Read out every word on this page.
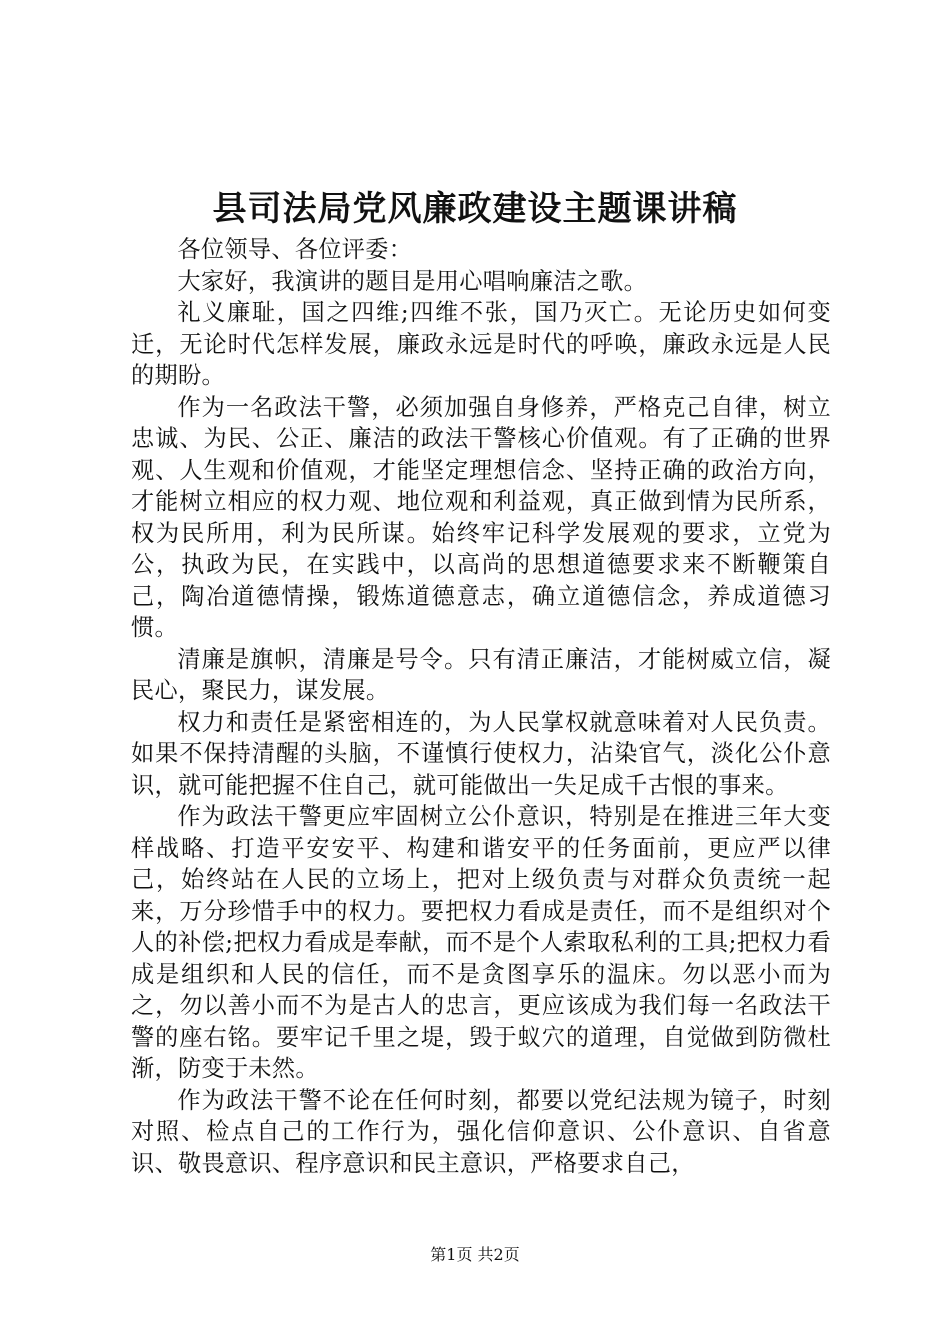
县司法局党风廉政建设主题课讲稿

各位领导、各位评委：

大家好，我演讲的题目是用心唱响廉洁之歌。

礼义廉耻，国之四维;四维不张，国乃灭亡。无论历史如何变迁，无论时代怎样发展，廉政永远是时代的呼唤，廉政永远是人民的期盼。

作为一名政法干警，必须加强自身修养，严格克己自律，树立忠诚、为民、公正、廉洁的政法干警核心价值观。有了正确的世界观、人生观和价值观，才能坚定理想信念、坚持正确的政治方向，才能树立相应的权力观、地位观和利益观，真正做到情为民所系，权为民所用，利为民所谋。始终牢记科学发展观的要求，立党为公，执政为民，在实践中，以高尚的思想道德要求来不断鞭策自己，陶冶道德情操，锻炼道德意志，确立道德信念，养成道德习惯。

清廉是旗帜，清廉是号令。只有清正廉洁，才能树威立信，凝民心，聚民力，谋发展。

权力和责任是紧密相连的，为人民掌权就意味着对人民负责。如果不保持清醒的头脑，不谨慎行使权力，沾染官气，淡化公仆意识，就可能把握不住自己，就可能做出一失足成千古恨的事来。

作为政法干警更应牢固树立公仆意识，特别是在推进三年大变样战略、打造平安安平、构建和谐安平的任务面前，更应严以律己，始终站在人民的立场上，把对上级负责与对群众负责统一起来，万分珍惜手中的权力。要把权力看成是责任，而不是组织对个人的补偿;把权力看成是奉献，而不是个人索取私利的工具;把权力看成是组织和人民的信任，而不是贪图享乐的温床。勿以恶小而为之，勿以善小而不为是古人的忠言，更应该成为我们每一名政法干警的座右铭。要牢记千里之堤，毁于蚁穴的道理，自觉做到防微杜渐，防变于未然。

作为政法干警不论在任何时刻，都要以党纪法规为镜子，时刻对照、检点自己的工作行为，强化信仰意识、公仆意识、自省意识、敬畏意识、程序意识和民主意识，严格要求自己，

第1页 共2页
